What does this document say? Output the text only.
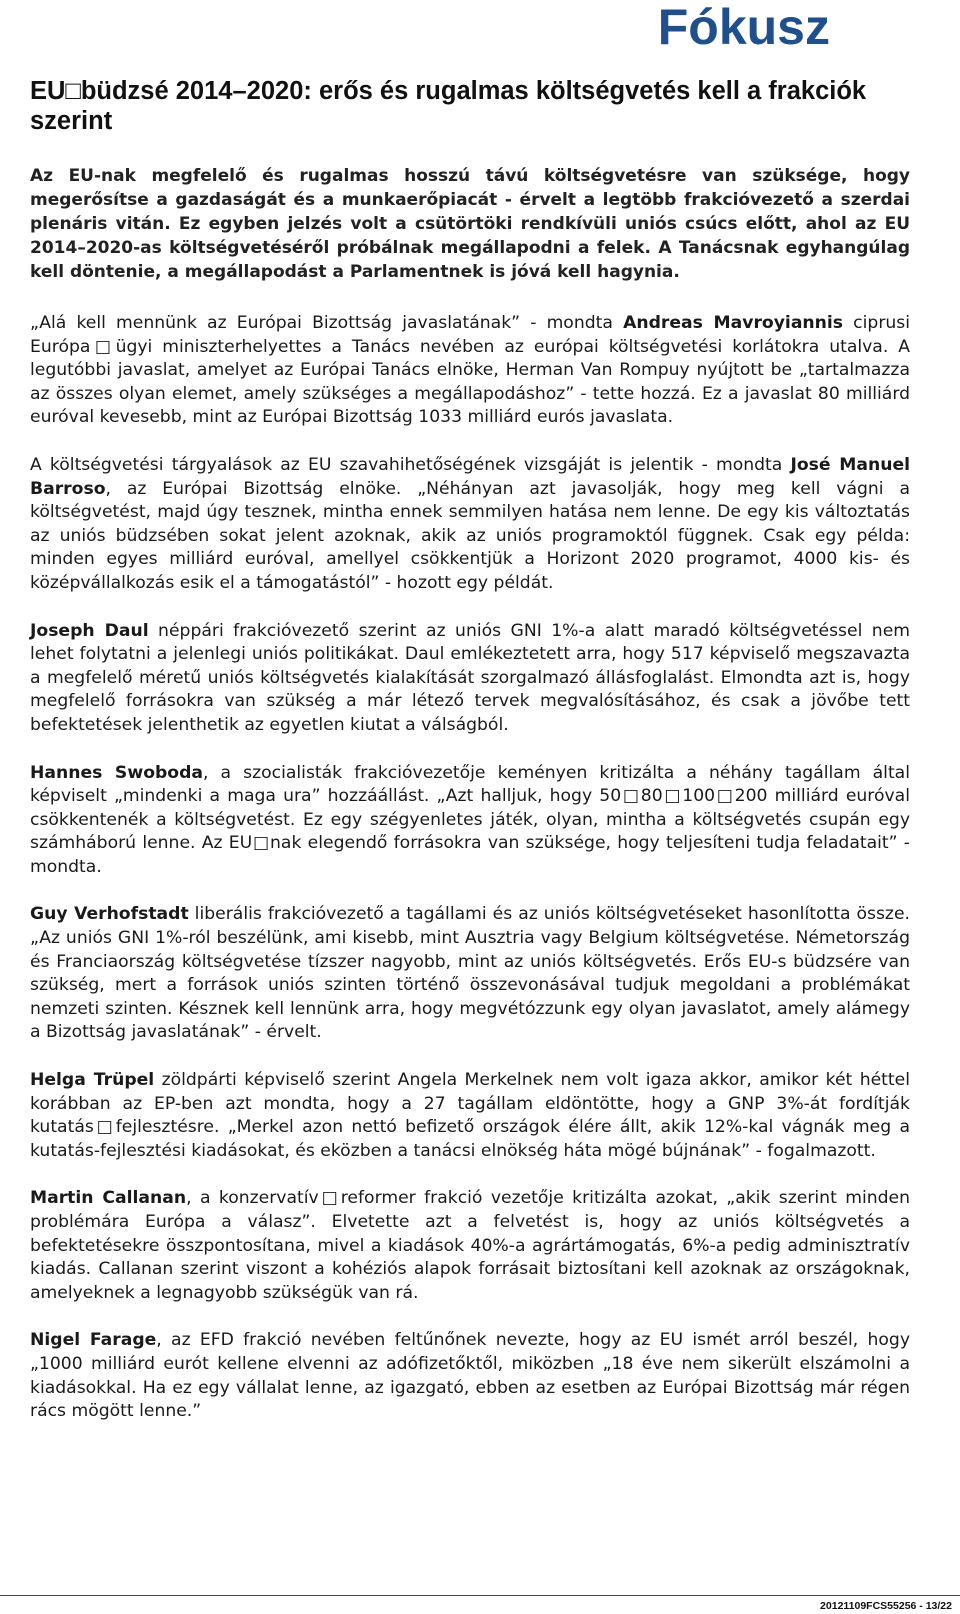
Fókusz
EU□büdzsé 2014–2020: erős és rugalmas költségvetés kell a frakciók szerint

Az EU-nak megfelelő és rugalmas hosszú távú költségvetésre van szüksége, hogy megerősítse a gazdaságát és a munkaerőpiacát - érvelt a legtöbb frakcióvezető a szerdai plenáris vitán. Ez egyben jelzés volt a csütörtöki rendkívüli uniós csúcs előtt, ahol az EU 2014–2020-as költségvetéséről próbálnak megállapodni a felek. A Tanácsnak egyhangúlag kell döntenie, a megállapodást a Parlamentnek is jóvá kell hagynia.

„Alá kell mennünk az Európai Bizottság javaslatának” - mondta Andreas Mavroyiannis ciprusi Európa□ügyi miniszterhelyettes a Tanács nevében az európai költségvetési korlátokra utalva. A legutóbbi javaslat, amelyet az Európai Tanács elnöke, Herman Van Rompuy nyújtott be „tartalmazza az összes olyan elemet, amely szükséges a megállapodáshoz” - tette hozzá. Ez a javaslat 80 milliárd euróval kevesebb, mint az Európai Bizottság 1033 milliárd eurós javaslata.

A költségvetési tárgyalások az EU szavahihetőségének vizsgáját is jelentik - mondta José Manuel Barroso, az Európai Bizottság elnöke. „Néhányan azt javasolják, hogy meg kell vágni a költségvetést, majd úgy tesznek, mintha ennek semmilyen hatása nem lenne. De egy kis változtatás az uniós büdzsében sokat jelent azoknak, akik az uniós programoktól függnek. Csak egy példa: minden egyes milliárd euróval, amellyel csökkentjük a Horizont 2020 programot, 4000 kis- és középvállalkozás esik el a támogatástól” - hozott egy példát.

Joseph Daul néppári frakcióvezető szerint az uniós GNI 1%-a alatt maradó költségvetéssel nem lehet folytatni a jelenlegi uniós politikákat. Daul emlékeztetett arra, hogy 517 képviselő megszavazta a megfelelő méretű uniós költségvetés kialakítását szorgalmazó állásfoglalást. Elmondta azt is, hogy megfelelő forrásokra van szükség a már létező tervek megvalósításához, és csak a jövőbe tett befektetések jelenthetik az egyetlen kiutat a válságból.

Hannes Swoboda, a szocialisták frakcióvezetője keményen kritizálta a néhány tagállam által képviselt „mindenki a maga ura” hozzáállást. „Azt halljuk, hogy 50□80□100□200 milliárd euróval csökkentenék a költségvetést. Ez egy szégyenletes játék, olyan, mintha a költségvetés csupán egy számháború lenne. Az EU□nak elegendő forrásokra van szüksége, hogy teljesíteni tudja feladatait” - mondta.

Guy Verhofstadt liberális frakcióvezető a tagállami és az uniós költségvetéseket hasonlította össze. „Az uniós GNI 1%-ról beszélünk, ami kisebb, mint Ausztria vagy Belgium költségvetése. Németország és Franciaország költségvetése tízszer nagyobb, mint az uniós költségvetés. Erős EU-s büdzsére van szükség, mert a források uniós szinten történő összevonásával tudjuk megoldani a problémákat nemzeti szinten. Késznek kell lennünk arra, hogy megvétózzunk egy olyan javaslatot, amely alámegy a Bizottság javaslatának” - érvelt.

Helga Trüpel zöldpárti képviselő szerint Angela Merkelnek nem volt igaza akkor, amikor két héttel korábban az EP-ben azt mondta, hogy a 27 tagállam eldöntötte, hogy a GNP 3%-át fordítják kutatás□fejlesztésre. „Merkel azon nettó befizető országok élére állt, akik 12%-kal vágnák meg a kutatás-fejlesztési kiadásokat, és eközben a tanácsi elnökség háta mögé bújnának” - fogalmazott.

Martin Callanan, a konzervatív□reformer frakció vezetője kritizálta azokat, „akik szerint minden problémára Európa a válasz”. Elvetette azt a felvetést is, hogy az uniós költségvetés a befektetésekre összpontosítana, mivel a kiadások 40%-a agrártámogatás, 6%-a pedig adminisztratív kiadás. Callanan szerint viszont a kohéziós alapok forrásait biztosítani kell azoknak az országoknak, amelyeknek a legnagyobb szükségük van rá.

Nigel Farage, az EFD frakció nevében feltűnőnek nevezte, hogy az EU ismét arról beszél, hogy „1000 milliárd eurót kellene elvenni az adófizetőktől, miközben „18 éve nem sikerült elszámolni a kiadásokkal. Ha ez egy vállalat lenne, az igazgató, ebben az esetben az Európai Bizottság már régen rács mögött lenne.”

20121109FCS55256 - 13/22
